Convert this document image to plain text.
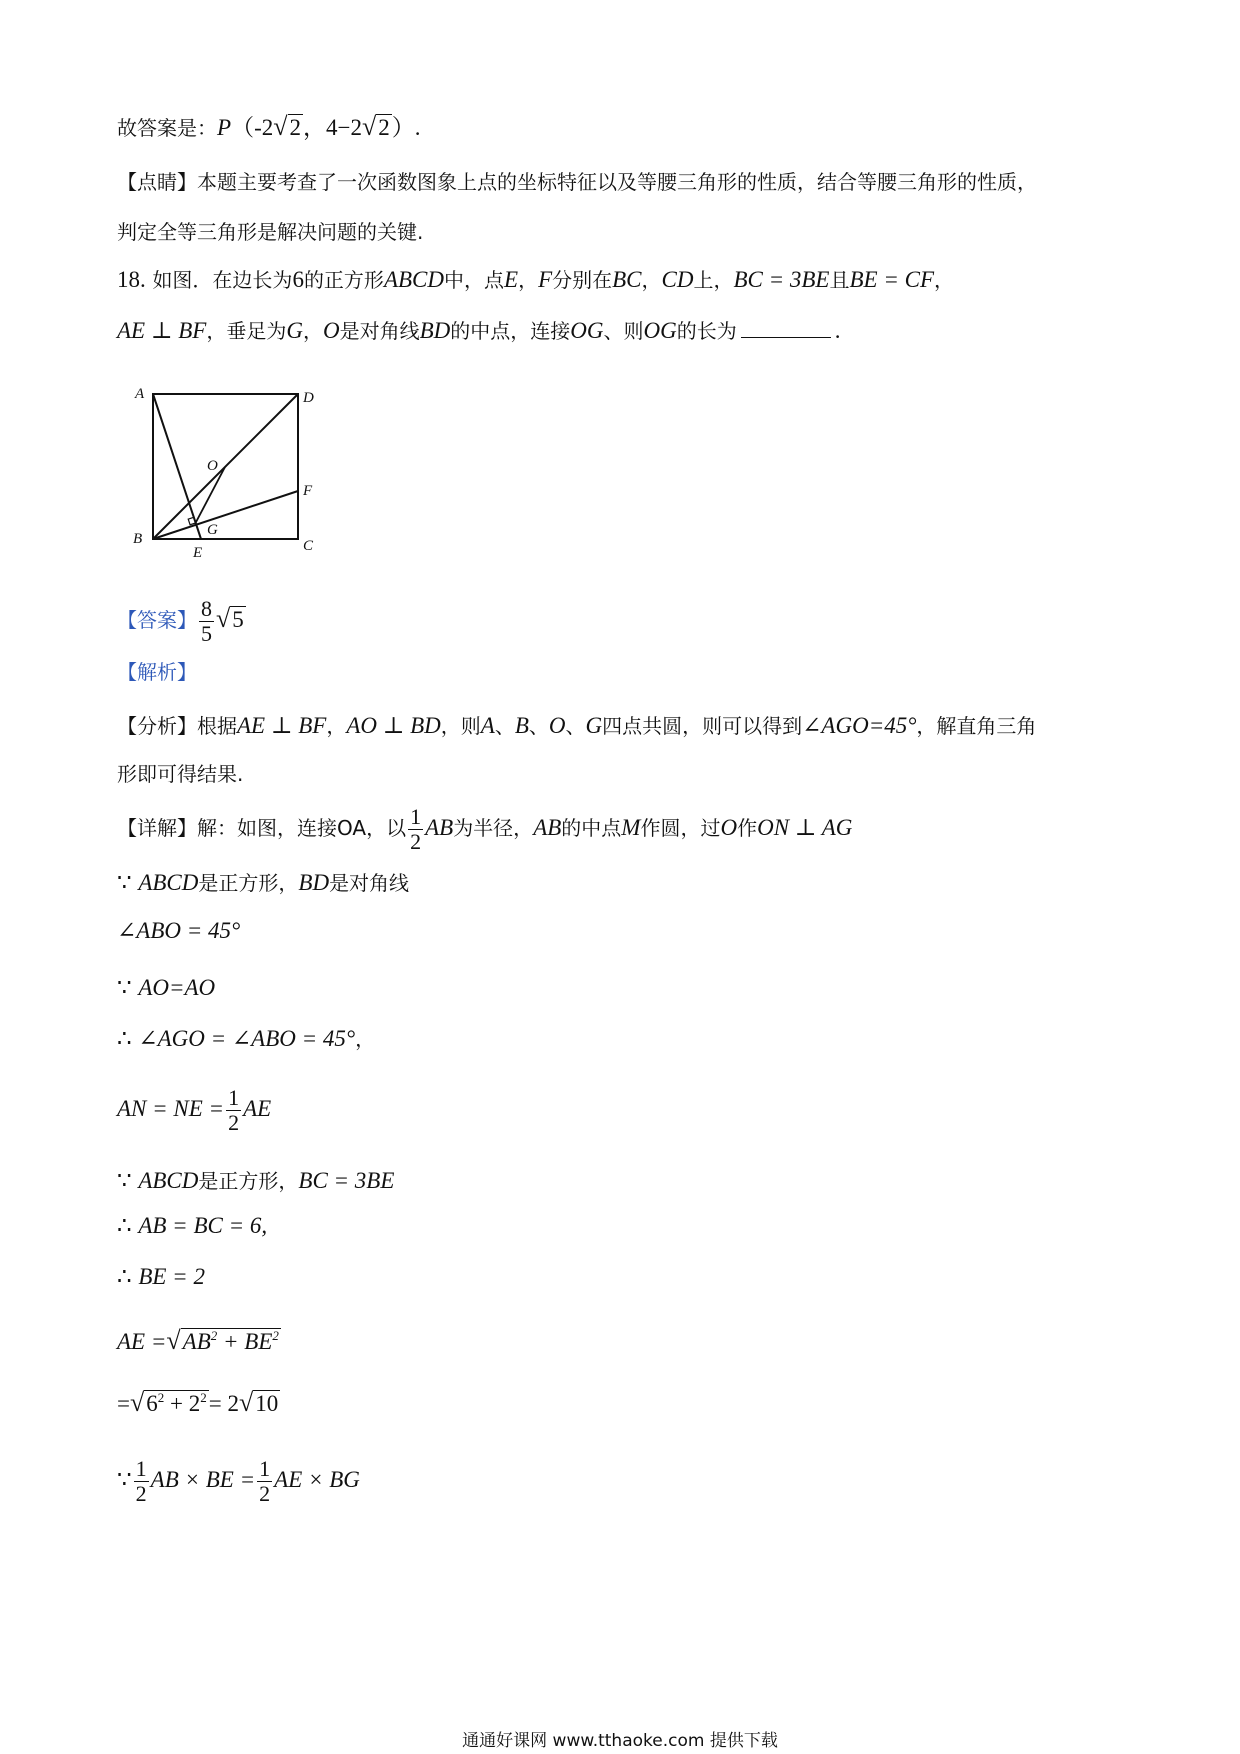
故答案是：P（-2√2，4−2√2）.
【点睛】本题主要考查了一次函数图象上点的坐标特征以及等腰三角形的性质，结合等腰三角形的性质，
判定全等三角形是解决问题的关键.
18. 如图．在边长为6的正方形ABCD中，点E，F分别在BC，CD上，BC = 3BE且BE = CF，
AE ⊥ BF，垂足为G，O是对角线BD的中点，连接OG、则OG的长为	.
A	D
B	C
E
F
O
G
【答案】 $\frac{8}{5} √5$
【解析】
【分析】根据AE ⊥ BF，AO ⊥ BD，则A、B、O、G四点共圆，则可以得到∠AGO=45°，解直角三角
形即可得结果.
【详解】解：如图，连接OA，以 $\frac{1}{2}$ AB为半径，AB的中点M作圆，过O作ON ⊥ AG
∵ ABCD是正方形，BD是对角线
∠ABO = 45°
∵ AO=AO
∴ ∠AGO = ∠ABO = 45°，
AN = NE = $\frac{1}{2}$ AE
∵ ABCD是正方形，BC = 3BE
∴ AB = BC = 6,
∴ BE = 2
AE $=√AB^2 + BE^2$
$=√6^2 + 2^2= 2√10$
∵ $\frac{1}{2}$ AB × BE = $\frac{1}{2}$ AE × BG
通通好课网 www.tthaoke.com 提供下载
